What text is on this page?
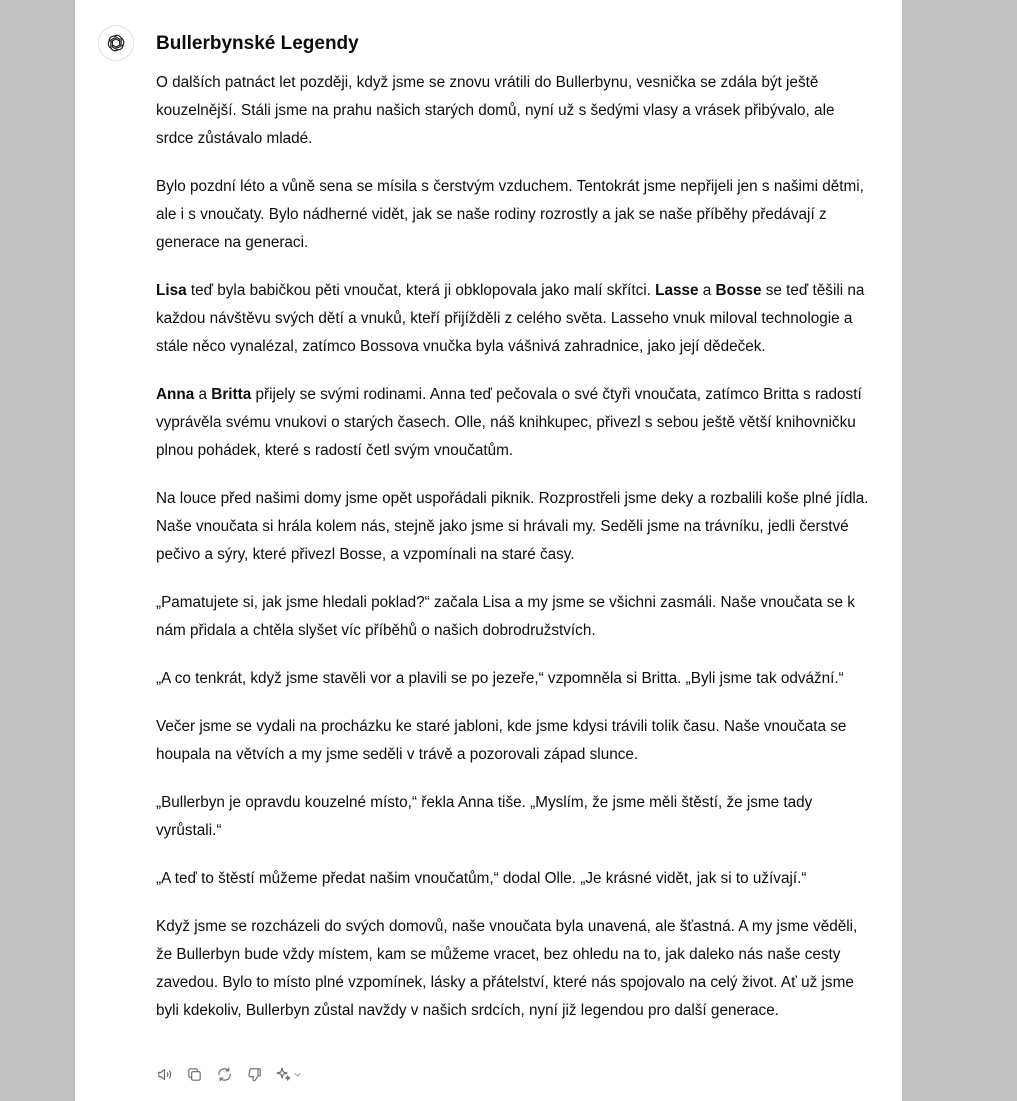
Bullerbynské Legendy

O dalších patnáct let později, když jsme se znovu vrátili do Bullerbynu, vesnička se zdála být ještě kouzelnější. Stáli jsme na prahu našich starých domů, nyní už s šedými vlasy a vrásek přibývalo, ale srdce zůstávalo mladé.

Bylo pozdní léto a vůně sena se mísila s čerstvým vzduchem. Tentokrát jsme nepřijeli jen s našimi dětmi, ale i s vnoučaty. Bylo nádherné vidět, jak se naše rodiny rozrostly a jak se naše příběhy předávají z generace na generaci.

Lisa teď byla babičkou pěti vnoučat, která ji obklopovala jako malí skřítci. Lasse a Bosse se teď těšili na každou návštěvu svých dětí a vnuků, kteří přijížděli z celého světa. Lasseho vnuk miloval technologie a stále něco vynalézal, zatímco Bossova vnučka byla vášnivá zahradnice, jako její dědeček.

Anna a Britta přijely se svými rodinami. Anna teď pečovala o své čtyři vnoučata, zatímco Britta s radostí vyprávěla svému vnukovi o starých časech. Olle, náš knihkupec, přivezl s sebou ještě větší knihovničku plnou pohádek, které s radostí četl svým vnoučatům.

Na louce před našimi domy jsme opět uspořádali piknik. Rozprostřeli jsme deky a rozbalili koše plné jídla. Naše vnoučata si hrála kolem nás, stejně jako jsme si hrávali my. Seděli jsme na trávníku, jedli čerstvé pečivo a sýry, které přivezl Bosse, a vzpomínali na staré časy.

„Pamatujete si, jak jsme hledali poklad?“ začala Lisa a my jsme se všichni zasmáli. Naše vnoučata se k nám přidala a chtěla slyšet víc příběhů o našich dobrodružstvích.

„A co tenkrát, když jsme stavěli vor a plavili se po jezeře,“ vzpomněla si Britta. „Byli jsme tak odvážní.“

Večer jsme se vydali na procházku ke staré jabloni, kde jsme kdysi trávili tolik času. Naše vnoučata se houpala na větvích a my jsme seděli v trávě a pozorovali západ slunce.

„Bullerbyn je opravdu kouzelné místo,“ řekla Anna tiše. „Myslím, že jsme měli štěstí, že jsme tady vyrůstali.“

„A teď to štěstí můžeme předat našim vnoučatům,“ dodal Olle. „Je krásné vidět, jak si to užívají.“

Když jsme se rozcházeli do svých domovů, naše vnoučata byla unavená, ale šťastná. A my jsme věděli, že Bullerbyn bude vždy místem, kam se můžeme vracet, bez ohledu na to, jak daleko nás naše cesty zavedou. Bylo to místo plné vzpomínek, lásky a přátelství, které nás spojovalo na celý život. Ať už jsme byli kdekoliv, Bullerbyn zůstal navždy v našich srdcích, nyní již legendou pro další generace.
